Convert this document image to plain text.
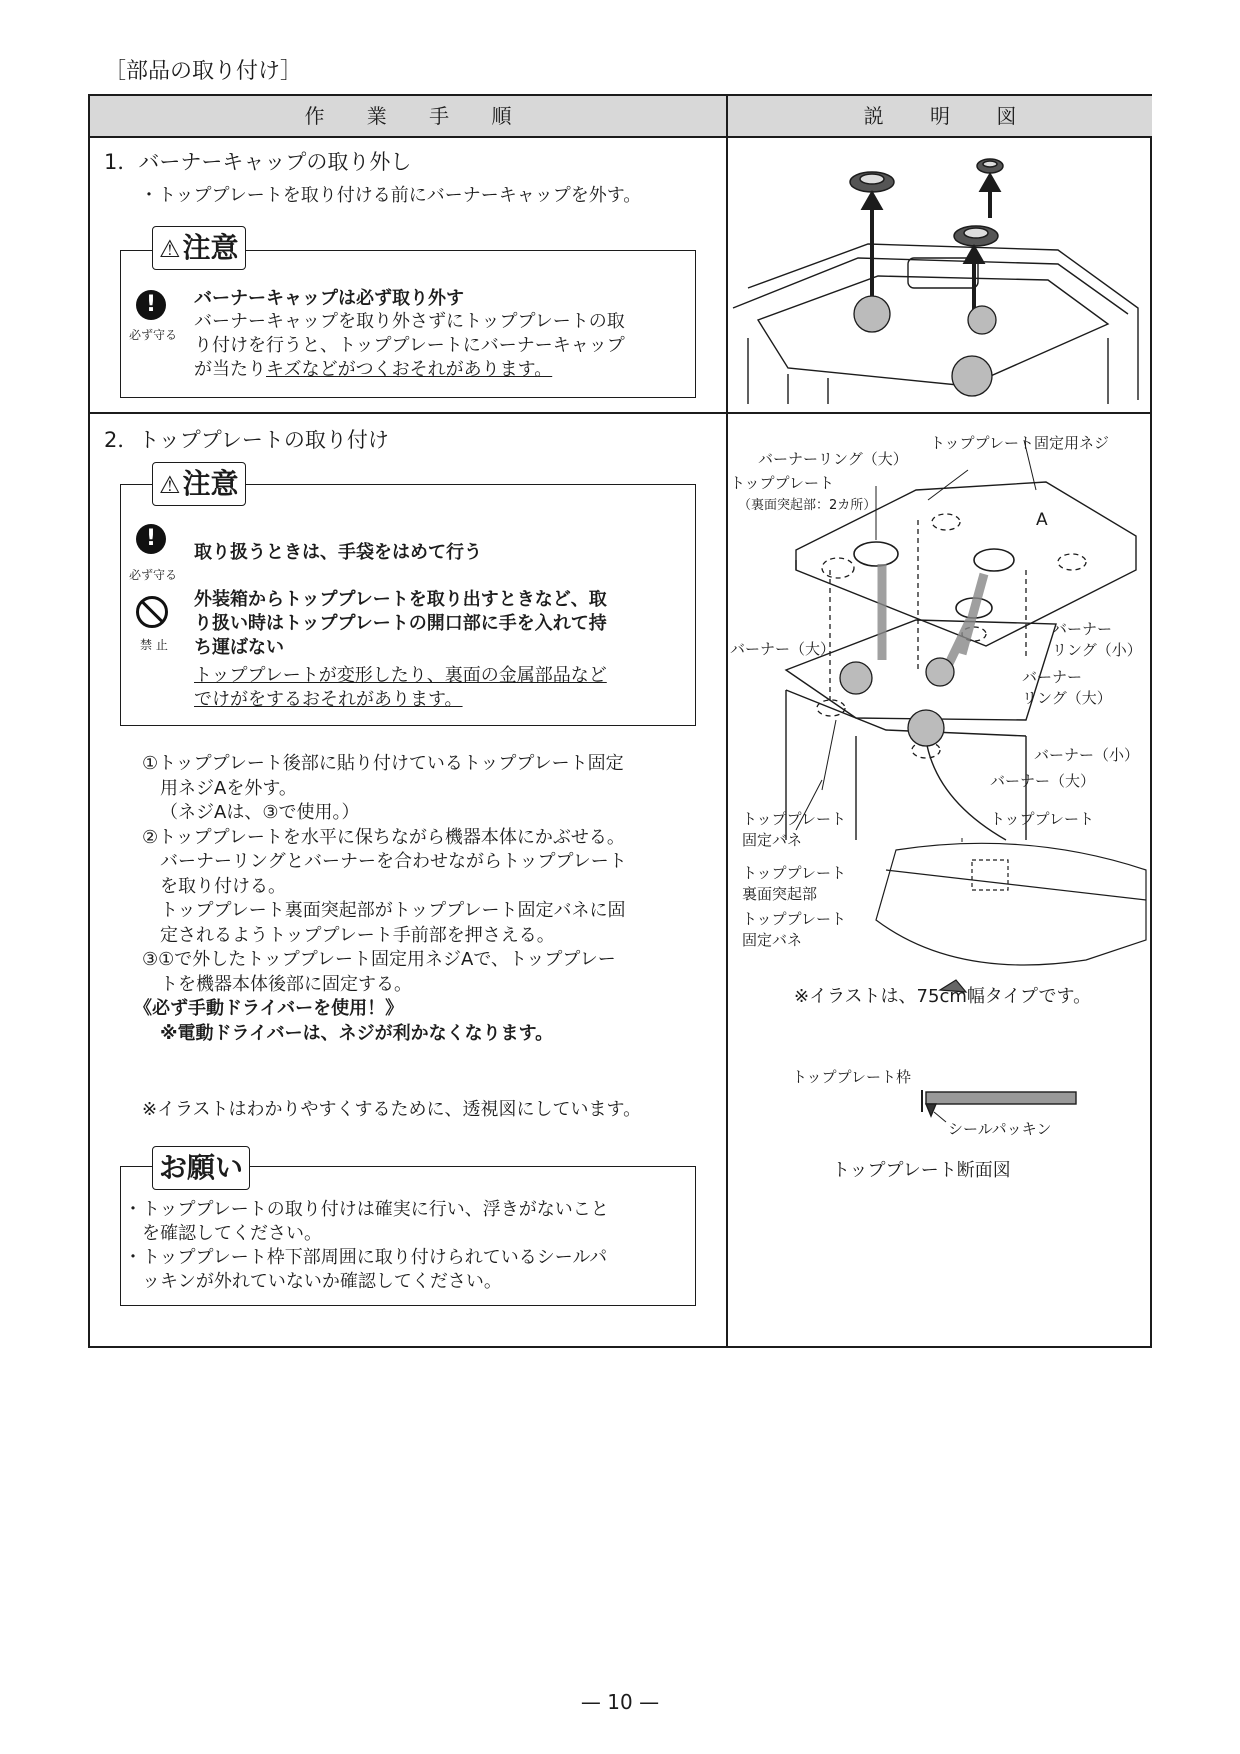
［部品の取り付け］
作 業 手 順	説 明 図
1．バーナーキャップの取り外し
・トッププレートを取り付ける前にバーナーキャップを外す。
⚠注意
!
必ず守る
バーナーキャップは必ず取り外す
バーナーキャップを取り外さずにトッププレートの取
り付けを行うと、トッププレートにバーナーキャップ
が当たりキズなどがつくおそれがあります。
2．トッププレートの取り付け
⚠注意
!
必ず守る
取り扱うときは、手袋をはめて行う
禁 止
外装箱からトッププレートを取り出すときなど、取
り扱い時はトッププレートの開口部に手を入れて持
ち運ばない
トッププレートが変形したり、裏面の金属部品など
でけがをするおそれがあります。
①トッププレート後部に貼り付けているトッププレート固定
用ネジAを外す。
（ネジAは、③で使用。）
②トッププレートを水平に保ちながら機器本体にかぶせる。
バーナーリングとバーナーを合わせながらトッププレート
を取り付ける。
トッププレート裏面突起部がトッププレート固定バネに固
定されるようトッププレート手前部を押さえる。
③①で外したトッププレート固定用ネジAで、トッププレー
トを機器本体後部に固定する。
《必ず手動ドライバーを使用！》
※電動ドライバーは、ネジが利かなくなります。
※イラストはわかりやすくするために、透視図にしています。
お願い
・トッププレートの取り付けは確実に行い、浮きがないこと
を確認してください。
・トッププレート枠下部周囲に取り付けられているシールパ
ッキンが外れていないか確認してください。
トッププレート固定用ネジ
バーナーリング（大）
トッププレート
（裏面突起部：2カ所）
A
バーナー（大）
バーナー
リング（小）
バーナー
リング（大）
バーナー（小）
バーナー（大）
トッププレート
固定バネ
トッププレート
トッププレート
裏面突起部
トッププレート
固定バネ
※イラストは、75cm幅タイプです。
トッププレート枠
シールパッキン
トッププレート断面図
— 10 —
